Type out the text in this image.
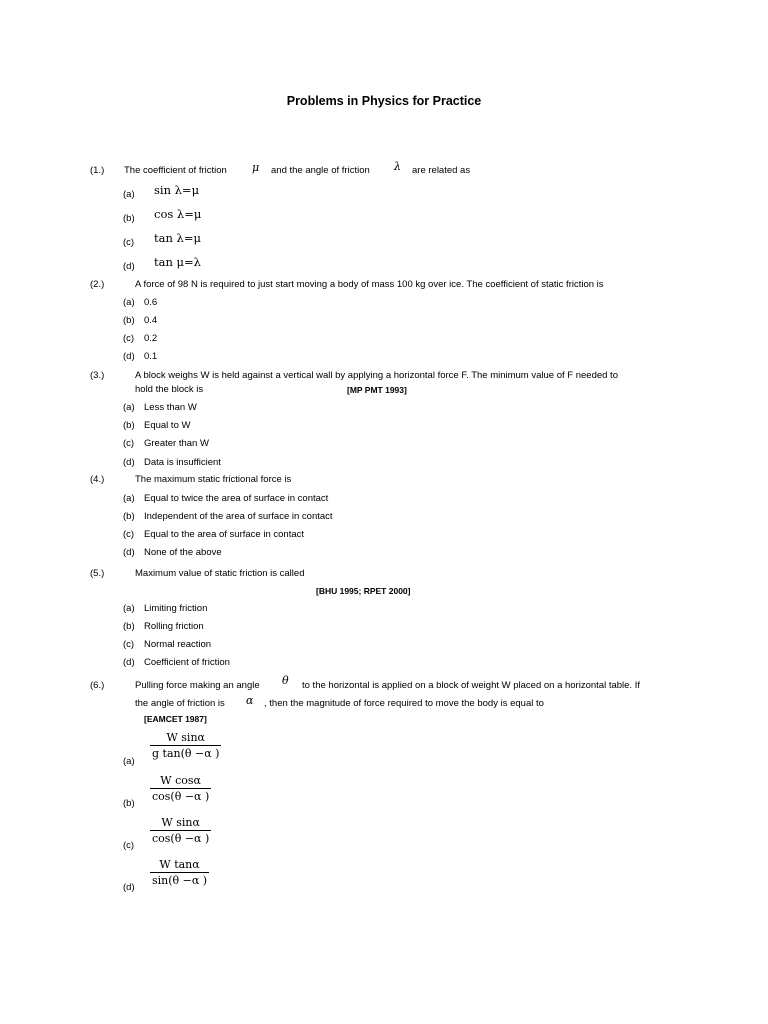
Problems in Physics for Practice
(1.) The coefficient of friction μ and the angle of friction λ are related as
(a) sin λ=μ
(b) cos λ=μ
(c) tan λ=μ
(d) tan μ=λ
(2.)	A force of 98 N is required to just start moving a body of mass 100 kg over ice. The coefficient of static friction is
(a) 0.6
(b) 0.4
(c) 0.2
(d) 0.1
(3.)	A block weighs W is held against a vertical wall by applying a horizontal force F. The minimum value of F needed to
hold the block is	[MP PMT 1993]
(a) Less than W
(b) Equal to W
(c) Greater than W
(d) Data is insufficient
(4.)	The maximum static frictional force is
(a) Equal to twice the area of surface in contact
(b) Independent of the area of surface in contact
(c) Equal to the area of surface in contact
(d) None of the above
(5.)	Maximum value of static friction is called
[BHU 1995; RPET 2000]
(a) Limiting friction
(b) Rolling friction
(c) Normal reaction
(d) Coefficient of friction
(6.)	Pulling force making an angle θ to the horizontal is applied on a block of weight W placed on a horizontal table. If
the angle of friction is α , then the magnitude of force required to move the body is equal to
[EAMCET 1987]
(a)
$\frac{\text{W sinα}}{\text{g tan(θ −α )}}$
(b)
$\frac{\text{W cosα}}{\cos(\theta -\alpha )}$
(c)
$\frac{\text{W sinα}}{\cos(\theta -\alpha )}$
(d)
$\frac{\text{W tanα}}{\sin(\theta -\alpha )}$
